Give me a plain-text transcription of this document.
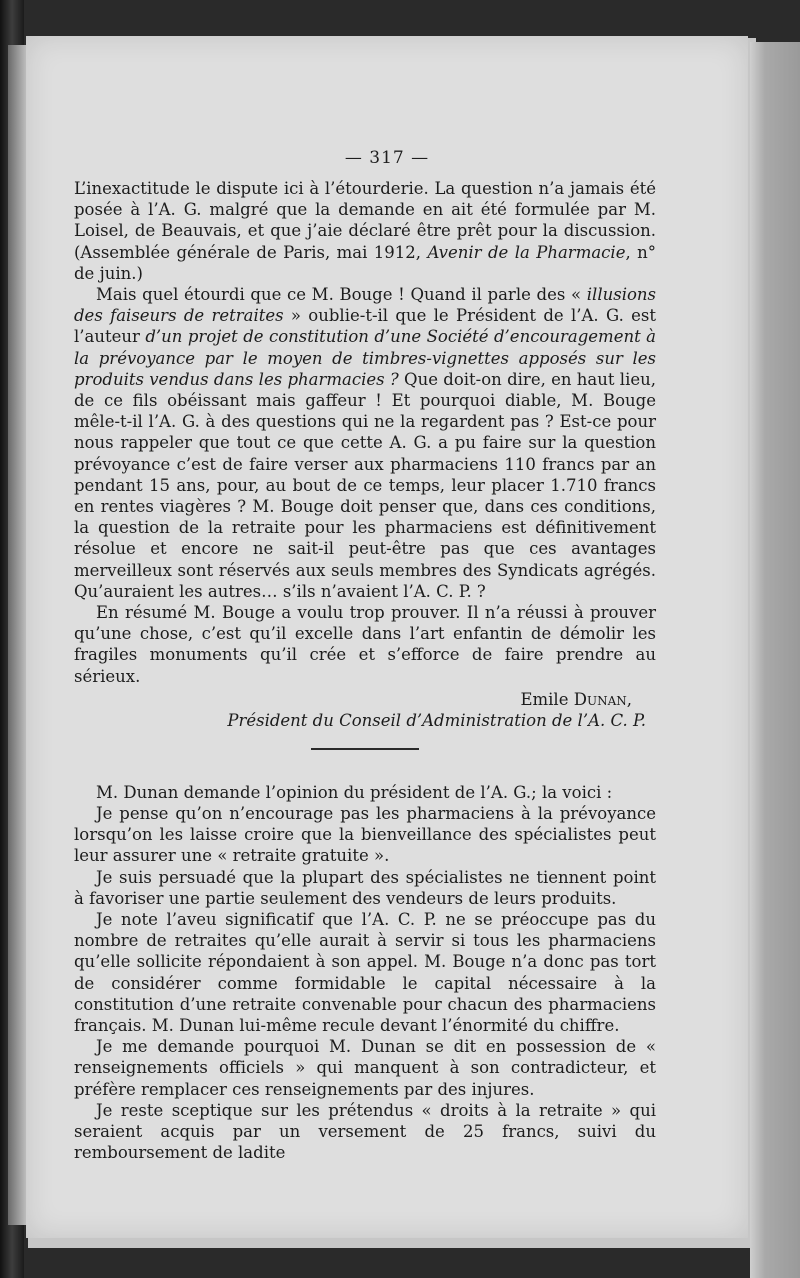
— 317 —

L’inexactitude le dispute ici à l’étourderie. La question n’a jamais été posée à l’A. G. malgré que la demande en ait été formulée par M. Loisel, de Beauvais, et que j’aie déclaré être prêt pour la discussion. (Assemblée générale de Paris, mai 1912, Avenir de la Pharmacie, n° de juin.)

Mais quel étourdi que ce M. Bouge ! Quand il parle des « illusions des faiseurs de retraites » oublie-t-il que le Président de l’A. G. est l’auteur d’un projet de constitution d’une Société d’encouragement à la prévoyance par le moyen de timbres-vignettes apposés sur les produits vendus dans les pharmacies ? Que doit-on dire, en haut lieu, de ce fils obéissant mais gaffeur ! Et pourquoi diable, M. Bouge mêle-t-il l’A. G. à des questions qui ne la regardent pas ? Est-ce pour nous rappeler que tout ce que cette A. G. a pu faire sur la question prévoyance c’est de faire verser aux pharmaciens 110 francs par an pendant 15 ans, pour, au bout de ce temps, leur placer 1.710 francs en rentes viagères ? M. Bouge doit penser que, dans ces conditions, la question de la retraite pour les pharmaciens est définitivement résolue et encore ne sait-il peut-être pas que ces avantages merveilleux sont réservés aux seuls membres des Syndicats agrégés. Qu’auraient les autres… s’ils n’avaient l’A. C. P. ?

En résumé M. Bouge a voulu trop prouver. Il n’a réussi à prouver qu’une chose, c’est qu’il excelle dans l’art enfantin de démolir les fragiles monuments qu’il crée et s’efforce de faire prendre au sérieux.

Emile Dunan,
Président du Conseil d’Administration de l’A. C. P.

M. Dunan demande l’opinion du président de l’A. G.; la voici :

Je pense qu’on n’encourage pas les pharmaciens à la prévoyance lorsqu’on les laisse croire que la bienveillance des spécialistes peut leur assurer une « retraite gratuite ».

Je suis persuadé que la plupart des spécialistes ne tiennent point à favoriser une partie seulement des vendeurs de leurs produits.

Je note l’aveu significatif que l’A. C. P. ne se préoccupe pas du nombre de retraites qu’elle aurait à servir si tous les pharmaciens qu’elle sollicite répondaient à son appel. M. Bouge n’a donc pas tort de considérer comme formidable le capital nécessaire à la constitution d’une retraite convenable pour chacun des pharmaciens français. M. Dunan lui-même recule devant l’énormité du chiffre.

Je me demande pourquoi M. Dunan se dit en possession de « renseignements officiels » qui manquent à son contradicteur, et préfère remplacer ces renseignements par des injures.

Je reste sceptique sur les prétendus « droits à la retraite » qui seraient acquis par un versement de 25 francs, suivi du remboursement de ladite
